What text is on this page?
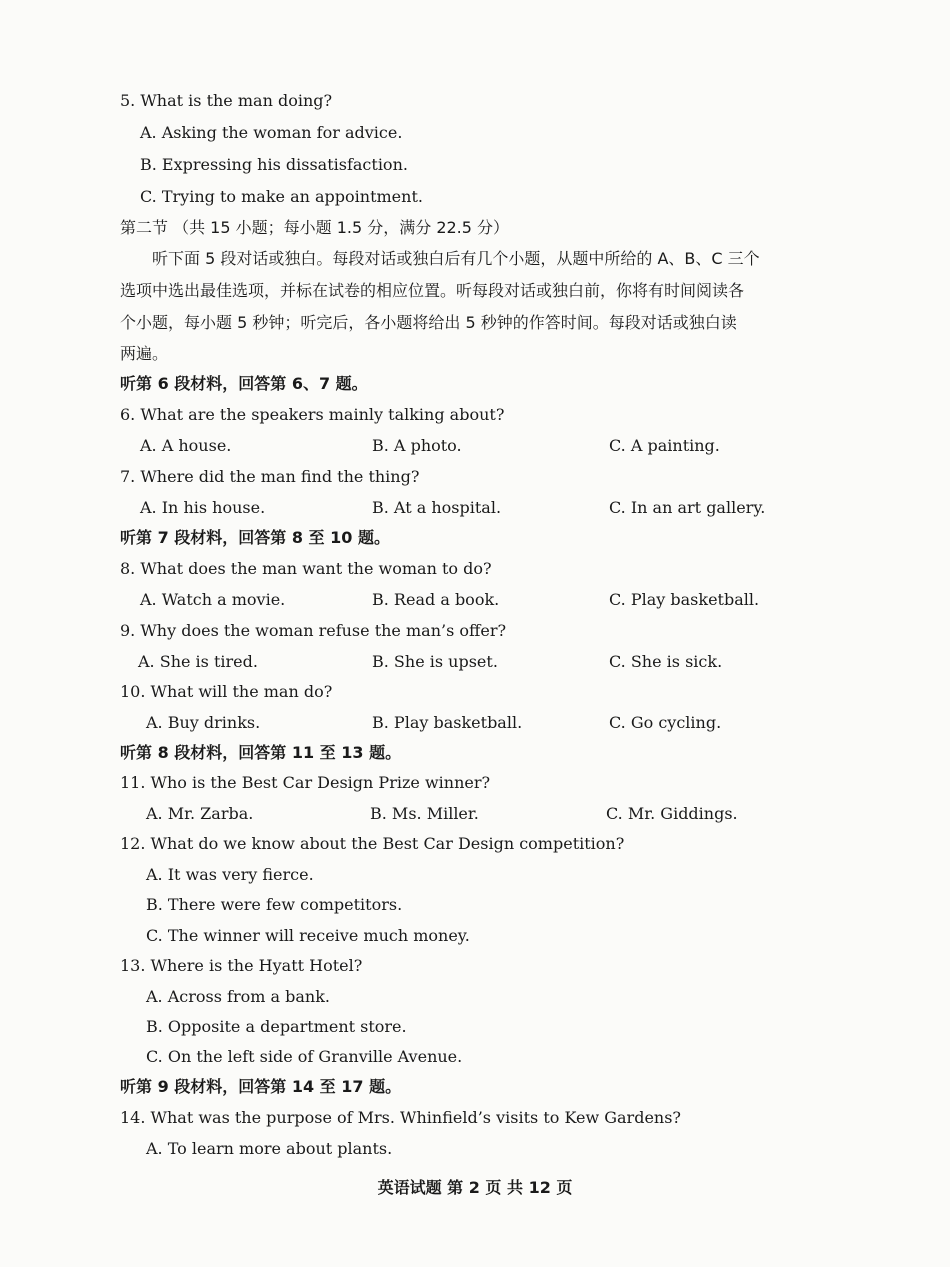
5. What is the man doing?
A. Asking the woman for advice.
B. Expressing his dissatisfaction.
C. Trying to make an appointment.
第二节 （共 15 小题；每小题 1.5 分，满分 22.5 分）
听下面 5 段对话或独白。每段对话或独白后有几个小题，从题中所给的 A、B、C 三个
选项中选出最佳选项，并标在试卷的相应位置。听每段对话或独白前，你将有时间阅读各
个小题，每小题 5 秒钟；听完后，各小题将给出 5 秒钟的作答时间。每段对话或独白读
两遍。
听第 6 段材料，回答第 6、7 题。
6. What are the speakers mainly talking about?
A. A house.	B. A photo.	C. A painting.
7. Where did the man find the thing?
A. In his house.	B. At a hospital.	C. In an art gallery.
听第 7 段材料，回答第 8 至 10 题。
8. What does the man want the woman to do?
A. Watch a movie.	B. Read a book.	C. Play basketball.
9. Why does the woman refuse the man’s offer?
A. She is tired.	B. She is upset.	C. She is sick.
10. What will the man do?
A. Buy drinks.	B. Play basketball.	C. Go cycling.
听第 8 段材料，回答第 11 至 13 题。
11. Who is the Best Car Design Prize winner?
A. Mr. Zarba.	B. Ms. Miller.	C. Mr. Giddings.
12. What do we know about the Best Car Design competition?
A. It was very fierce.
B. There were few competitors.
C. The winner will receive much money.
13. Where is the Hyatt Hotel?
A. Across from a bank.
B. Opposite a department store.
C. On the left side of Granville Avenue.
听第 9 段材料，回答第 14 至 17 题。
14. What was the purpose of Mrs. Whinfield’s visits to Kew Gardens?
A. To learn more about plants.
英语试题 第 2 页 共 12 页
